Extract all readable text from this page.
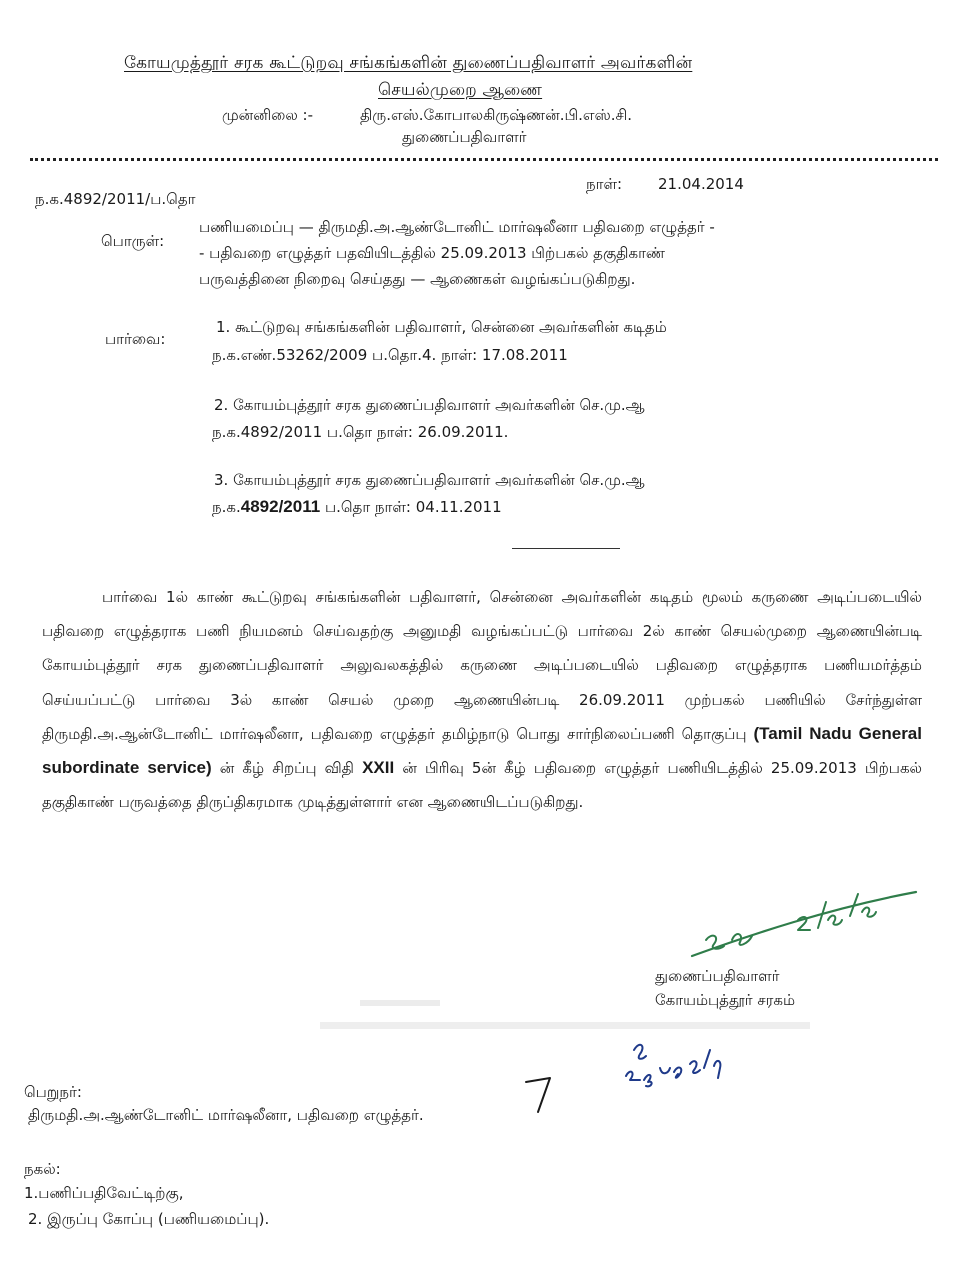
கோயமுத்தூர் சரக கூட்டுறவு சங்கங்களின் துணைப்பதிவாளர் அவர்களின்
செயல்முறை ஆணை
முன்னிலை :-	திரு.எஸ்.கோபாலகிருஷ்ணன்.பி.எஸ்.சி.
துணைப்பதிவாளர்
ந.க.4892/2011/ப.தொ
நாள்: 21.04.2014
பொருள்:
பணியமைப்பு — திருமதி.அ.ஆண்டோனிட் மார்ஷலீனா பதிவறை எழுத்தர் -
- பதிவறை எழுத்தர் பதவியிடத்தில் 25.09.2013 பிற்பகல் தகுதிகாண்
பருவத்தினை நிறைவு செய்தது — ஆணைகள் வழங்கப்படுகிறது.
பார்வை:
1. கூட்டுறவு சங்கங்களின் பதிவாளர், சென்னை அவர்களின் கடிதம்
ந.க.எண்.53262/2009 ப.தொ.4. நாள்: 17.08.2011
2. கோயம்புத்தூர் சரக துணைப்பதிவாளர் அவர்களின் செ.மு.ஆ
ந.க.4892/2011 ப.தொ நாள்: 26.09.2011.
3. கோயம்புத்தூர் சரக துணைப்பதிவாளர் அவர்களின் செ.மு.ஆ
ந.க.4892/2011 ப.தொ நாள்: 04.11.2011
பார்வை 1ல் காண் கூட்டுறவு சங்கங்களின் பதிவாளர், சென்னை அவர்களின் கடிதம் மூலம் கருணை அடிப்படையில் பதிவறை எழுத்தராக பணி நியமனம் செய்வதற்கு அனுமதி வழங்கப்பட்டு பார்வை 2ல் காண் செயல்முறை ஆணையின்படி கோயம்புத்தூர் சரக துணைப்பதிவாளர் அலுவலகத்தில் கருணை அடிப்படையில் பதிவறை எழுத்தராக பணியமர்த்தம் செய்யப்பட்டு பார்வை 3ல் காண் செயல் முறை ஆணையின்படி 26.09.2011 முற்பகல் பணியில் சேர்ந்துள்ள திருமதி.அ.ஆன்டோனிட் மார்ஷலீனா, பதிவறை எழுத்தர் தமிழ்நாடு பொது சார்நிலைப்பணி தொகுப்பு (Tamil Nadu General subordinate service) ன் கீழ் சிறப்பு விதி XXII ன் பிரிவு 5ன் கீழ் பதிவறை எழுத்தர் பணியிடத்தில் 25.09.2013 பிற்பகல் தகுதிகாண் பருவத்தை திருப்திகரமாக முடித்துள்ளார் என ஆணையிடப்படுகிறது.
துணைப்பதிவாளர்
கோயம்புத்தூர் சரகம்
பெறுநர்:
திருமதி.அ.ஆண்டோனிட் மார்ஷலீனா, பதிவறை எழுத்தர்.
நகல்:
1.பணிப்பதிவேட்டிற்கு,
2. இருப்பு கோப்பு (பணியமைப்பு).
